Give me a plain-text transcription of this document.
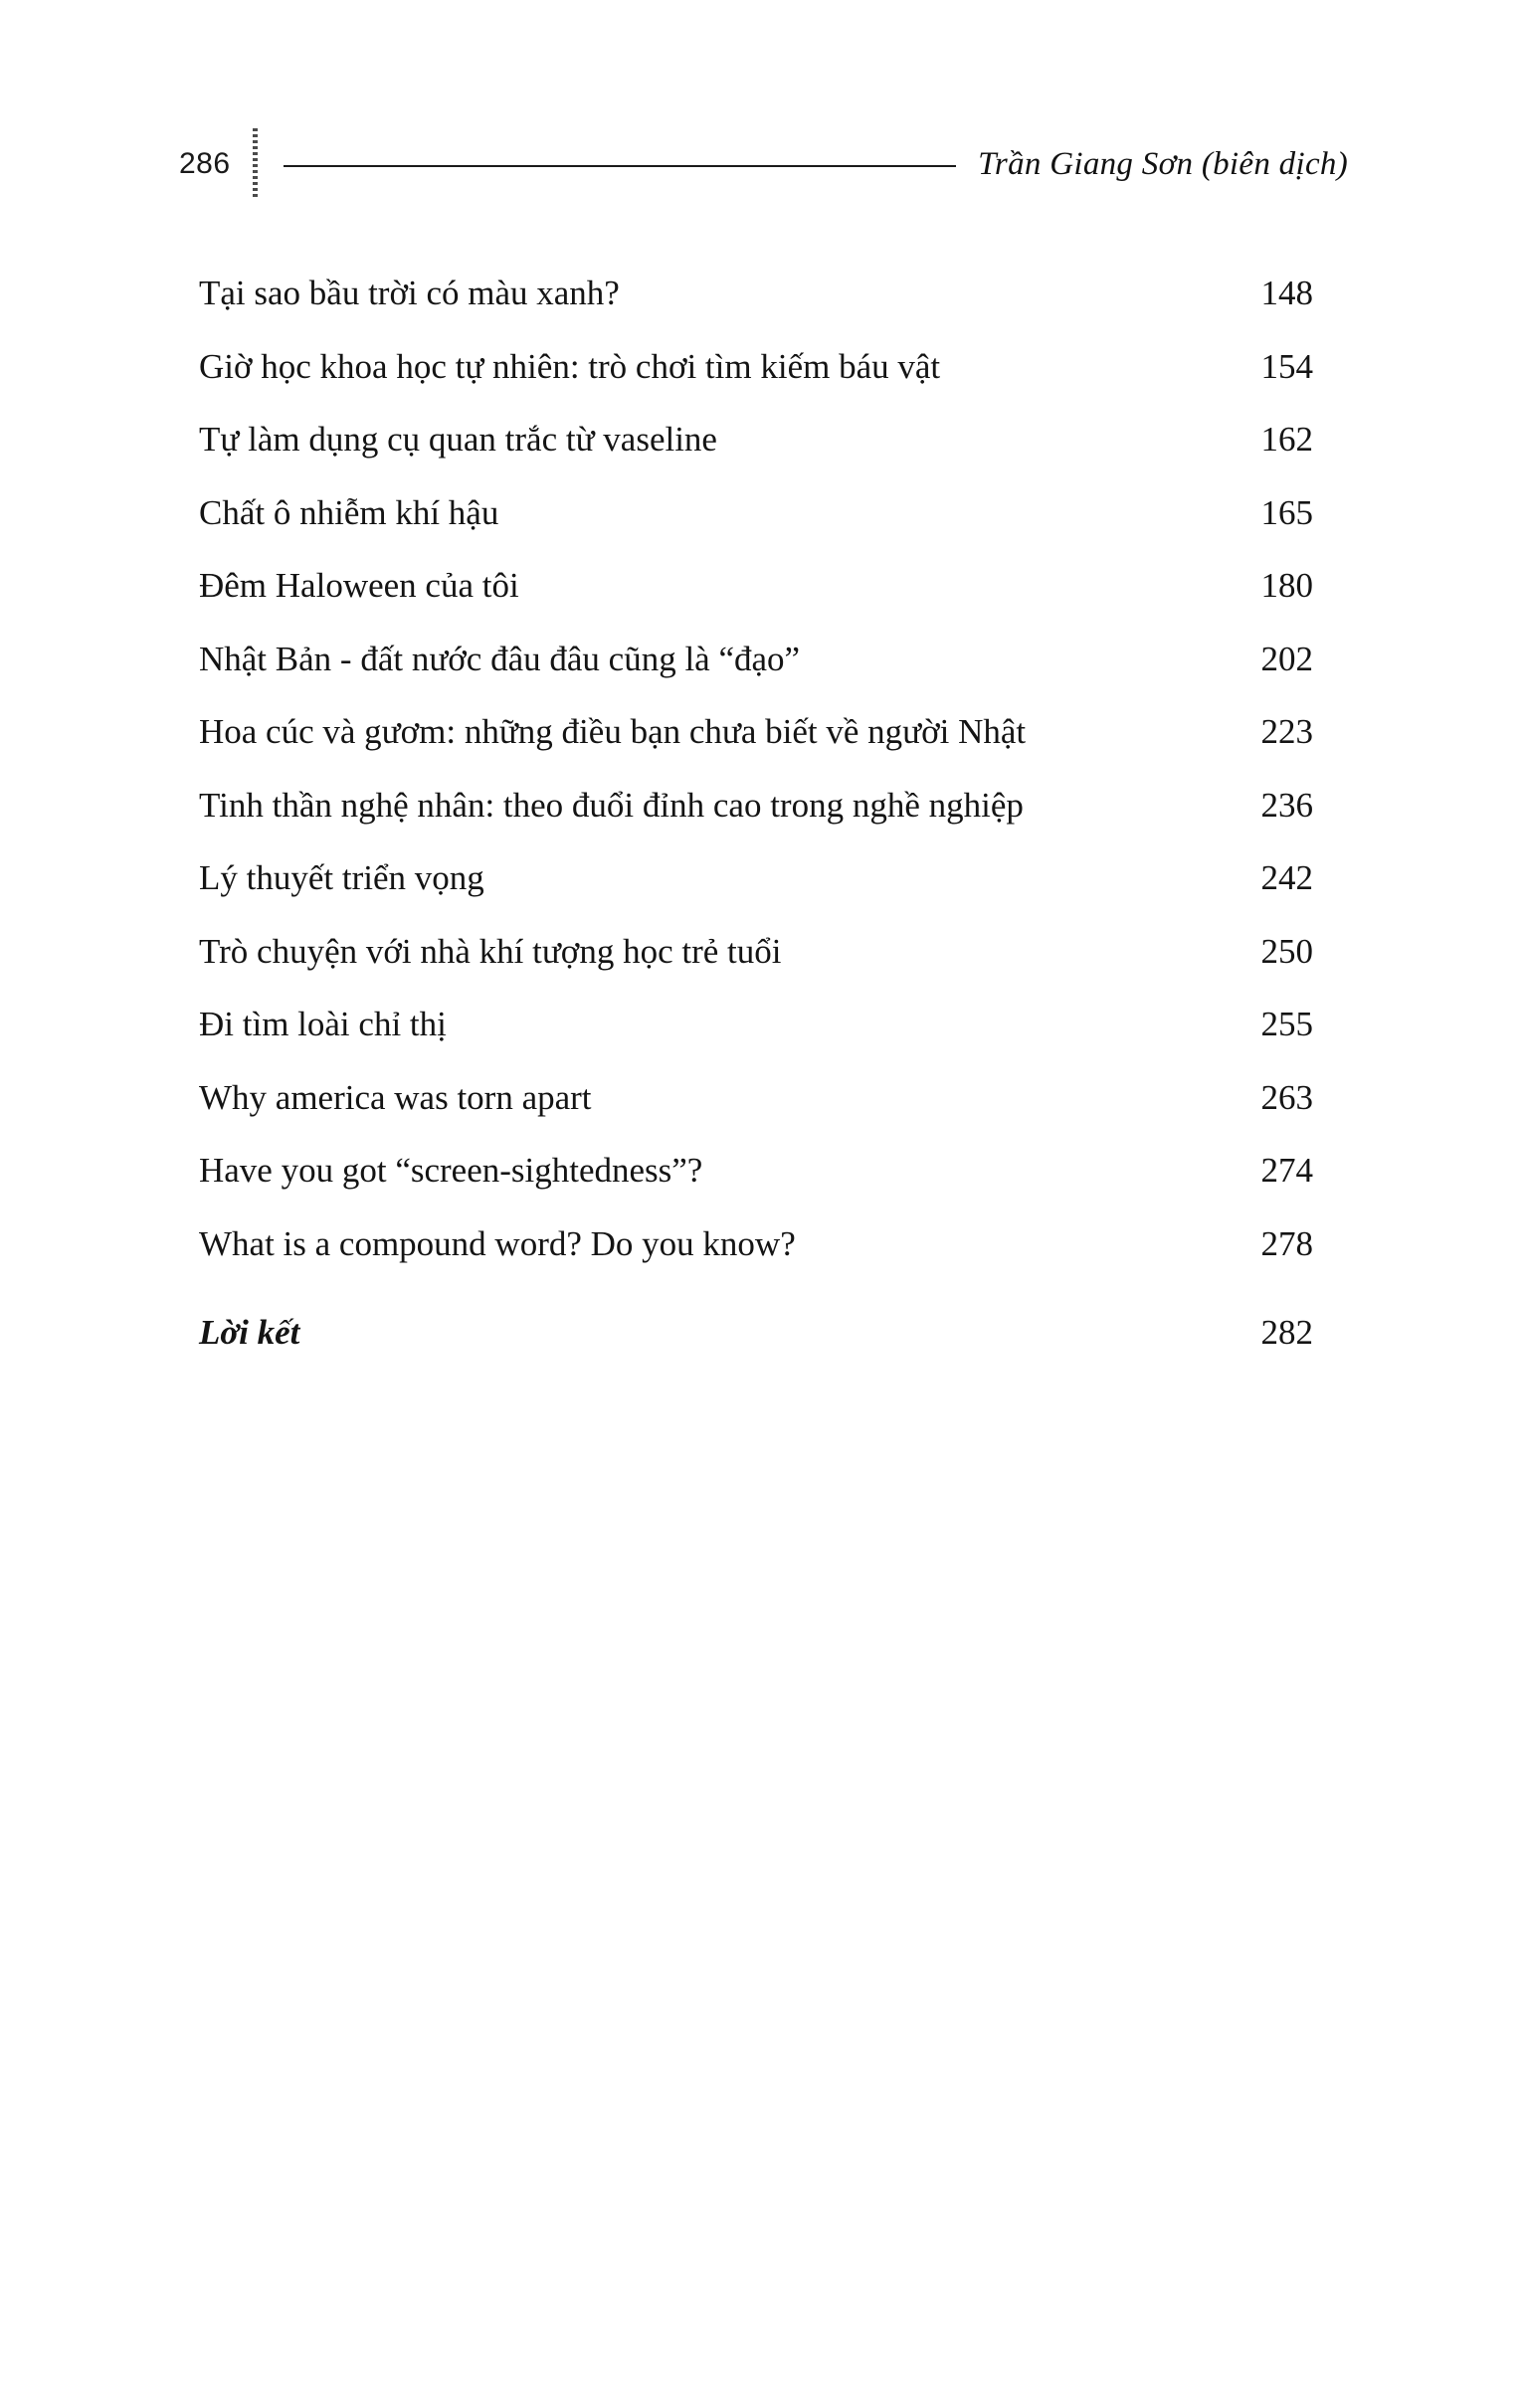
286	Trần Giang Sơn (biên dịch)
Tại sao bầu trời có màu xanh?	148
Giờ học khoa học tự nhiên: trò chơi tìm kiếm báu vật	154
Tự làm dụng cụ quan trắc từ vaseline	162
Chất ô nhiễm khí hậu	165
Đêm Haloween của tôi	180
Nhật Bản - đất nước đâu đâu cũng là “đạo”	202
Hoa cúc và gươm: những điều bạn chưa biết về người Nhật	223
Tinh thần nghệ nhân: theo đuổi đỉnh cao trong nghề nghiệp	236
Lý thuyết triển vọng	242
Trò chuyện với nhà khí tượng học trẻ tuổi	250
Đi tìm loài chỉ thị	255
Why america was torn apart	263
Have you got “screen-sightedness”?	274
What is a compound word? Do you know?	278
Lời kết	282
